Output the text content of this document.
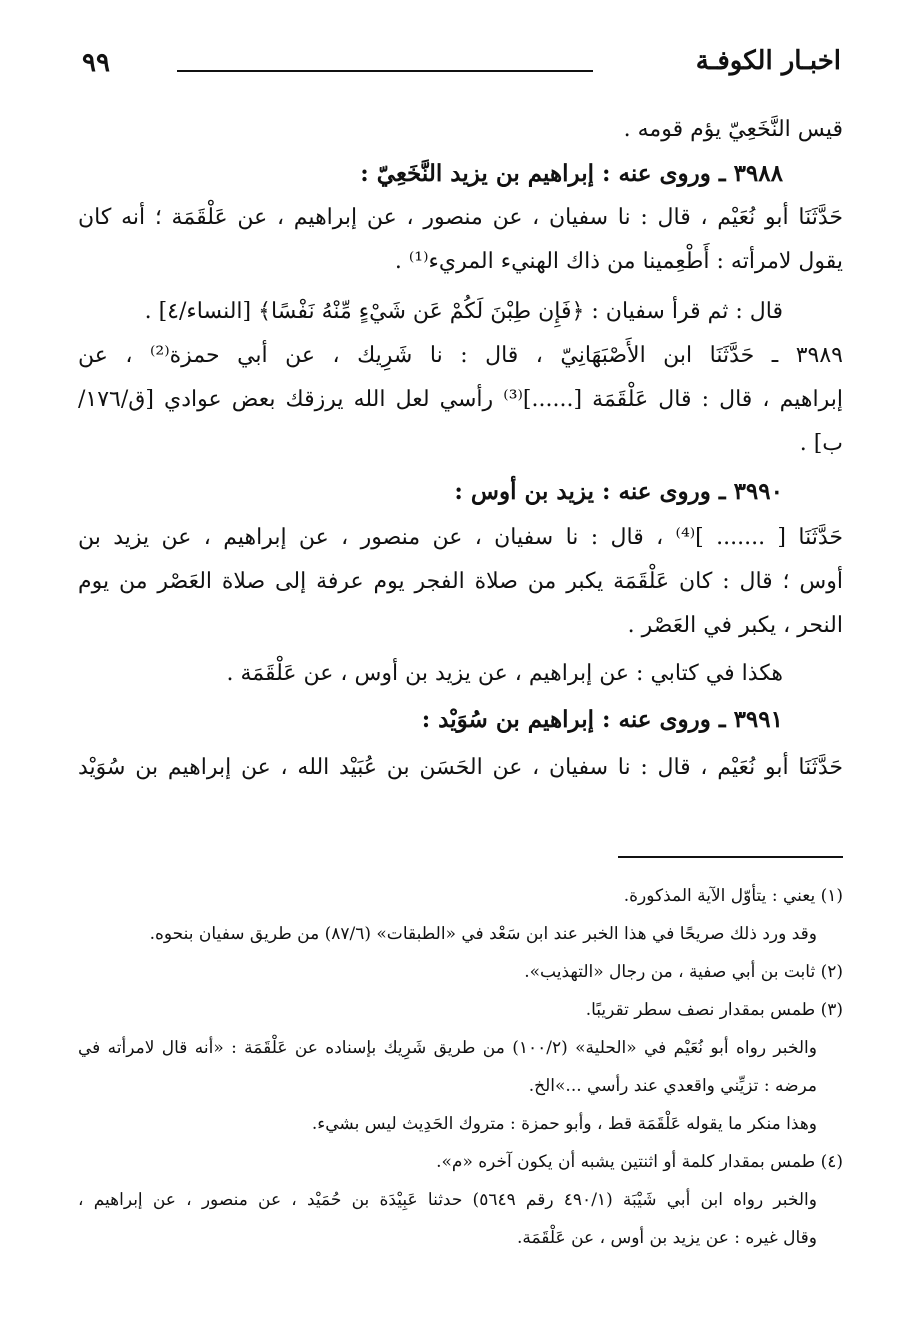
اخبـار الكوفـة
٩٩
قيس النَّخَعِيّ يؤم قومه .
٣٩٨٨ ـ وروى عنه : إبراهيم بن يزيد النَّخَعِيّ :
حَدَّثَنَا أبو نُعَيْم ، قال : نا سفيان ، عن منصور ، عن إبراهيم ، عن عَلْقَمَة ؛ أنه كان
يقول لامرأته : أَطْعِمينا من ذاك الهنيء المريء⁽¹⁾ .
قال : ثم قرأ سفيان : ﴿فَإِن طِبْنَ لَكُمْ عَن شَيْءٍ مِّنْهُ نَفْسًا﴾ [النساء/٤] .
٣٩٨٩ ـ حَدَّثَنَا ابن الأَصْبَهَانِيّ ، قال : نا شَرِيك ، عن أبي حمزة⁽²⁾ ، عن
إبراهيم ، قال : قال عَلْقَمَة [......]⁽³⁾ رأسي لعل الله يرزقك بعض عوادي [ق/١٧٦/
ب] .
٣٩٩٠ ـ وروى عنه : يزيد بن أوس :
حَدَّثَنَا [ ....... ]⁽⁴⁾ ، قال : نا سفيان ، عن منصور ، عن إبراهيم ، عن يزيد بن
أوس ؛ قال : كان عَلْقَمَة يكبر من صلاة الفجر يوم عرفة إلى صلاة العَصْر من يوم
النحر ، يكبر في العَصْر .
هكذا في كتابي : عن إبراهيم ، عن يزيد بن أوس ، عن عَلْقَمَة .
٣٩٩١ ـ وروى عنه : إبراهيم بن سُوَيْد :
حَدَّثَنَا أبو نُعَيْم ، قال : نا سفيان ، عن الحَسَن بن عُبَيْد الله ، عن إبراهيم بن سُوَيْد
(١) يعني : يتأوّل الآية المذكورة.
وقد ورد ذلك صريحًا في هذا الخبر عند ابن سَعْد في «الطبقات» (٨٧/٦) من طريق سفيان بنحوه.
(٢) ثابت بن أبي صفية ، من رجال «التهذيب».
(٣) طمس بمقدار نصف سطر تقريبًا.
والخبر رواه أبو نُعَيْم في «الحلية» (١٠٠/٢) من طريق شَرِيك بإسناده عن عَلْقَمَة : «أنه قال لامرأته في
مرضه : تزيِّني واقعدي عند رأسي ...»الخ.
وهذا منكر ما يقوله عَلْقَمَة قط ، وأبو حمزة : متروك الحَدِيث ليس بشيء.
(٤) طمس بمقدار كلمة أو اثنتين يشبه أن يكون آخره «م».
والخبر رواه ابن أبي شَيْبَة (٤٩٠/١ رقم ٥٦٤٩) حدثنا عَبِيْدَة بن حُمَيْد ، عن منصور ، عن إبراهيم ،
وقال غيره : عن يزيد بن أوس ، عن عَلْقَمَة.
